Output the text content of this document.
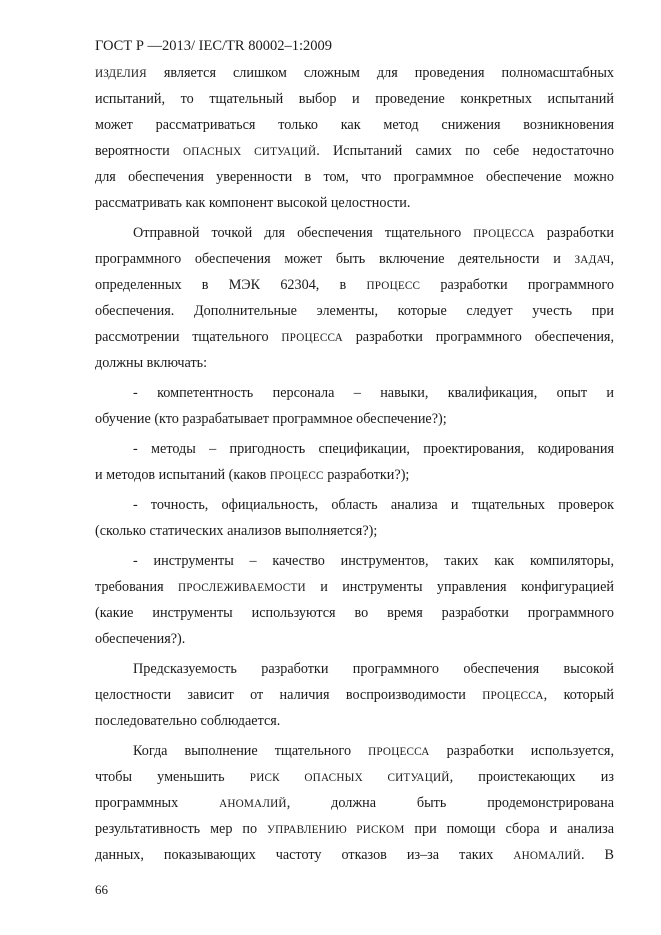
ГОСТ Р —2013/ IEC/TR 80002–1:2009
ИЗДЕЛИЯ является слишком сложным для проведения полномасштабных
испытаний, то тщательный выбор и проведение конкретных испытаний
может рассматриваться только как метод снижения возникновения
вероятности ОПАСНЫХ СИТУАЦИЙ. Испытаний самих по себе недостаточно
для обеспечения уверенности в том, что программное обеспечение можно
рассматривать как компонент высокой целостности.
Отправной точкой для обеспечения тщательного ПРОЦЕССА разработки
программного обеспечения может быть включение деятельности и ЗАДАЧ,
определенных в МЭК 62304, в ПРОЦЕСС разработки программного
обеспечения. Дополнительные элементы, которые следует учесть при
рассмотрении тщательного ПРОЦЕССА разработки программного обеспечения,
должны включать:
- компетентность персонала – навыки, квалификация, опыт и
обучение (кто разрабатывает программное обеспечение?);
- методы – пригодность спецификации, проектирования, кодирования
и методов испытаний (каков ПРОЦЕСС разработки?);
- точность, официальность, область анализа и тщательных проверок
(сколько статических анализов выполняется?);
- инструменты – качество инструментов, таких как компиляторы,
требования ПРОСЛЕЖИВАЕМОСТИ и инструменты управления конфигурацией
(какие инструменты используются во время разработки программного
обеспечения?).
Предсказуемость разработки программного обеспечения высокой
целостности зависит от наличия воспроизводимости ПРОЦЕССА, который
последовательно соблюдается.
Когда выполнение тщательного ПРОЦЕССА разработки используется,
чтобы уменьшить РИСК ОПАСНЫХ СИТУАЦИЙ, проистекающих из
программных АНОМАЛИЙ, должна быть продемонстрирована
результативность мер по УПРАВЛЕНИЮ РИСКОМ при помощи сбора и анализа
данных, показывающих частоту отказов из–за таких АНОМАЛИЙ. В
66
